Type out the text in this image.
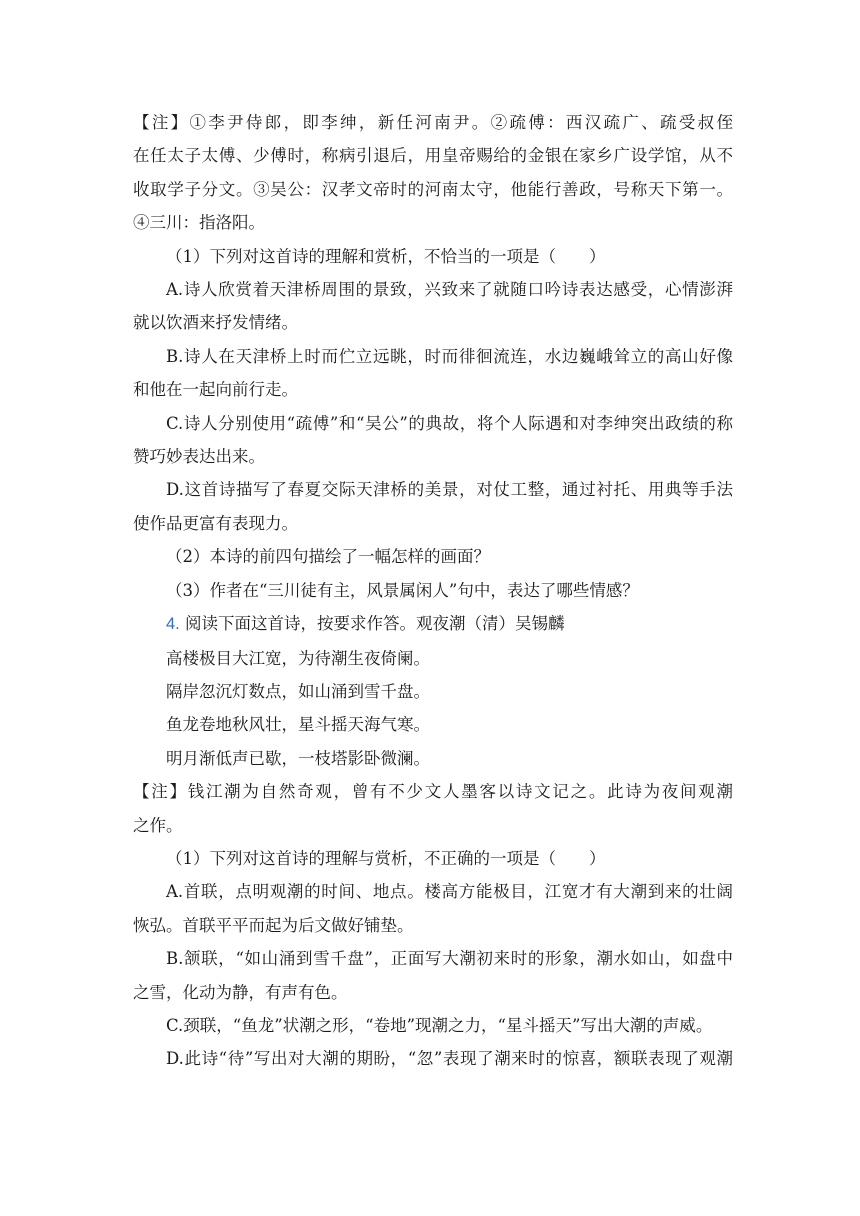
【注】①李尹侍郎，即李绅，新任河南尹。②疏傅：西汉疏广、疏受叔侄

在任太子太傅、少傅时，称病引退后，用皇帝赐给的金银在家乡广设学馆，从不

收取学子分文。③吴公：汉孝文帝时的河南太守，他能行善政，号称天下第一。

④三川：指洛阳。

（1）下列对这首诗的理解和赏析，不恰当的一项是（　　）

A.诗人欣赏着天津桥周围的景致，兴致来了就随口吟诗表达感受，心情澎湃

就以饮酒来抒发情绪。

B.诗人在天津桥上时而伫立远眺，时而徘徊流连，水边巍峨耸立的高山好像

和他在一起向前行走。

C.诗人分别使用“疏傅”和“吴公”的典故，将个人际遇和对李绅突出政绩的称

赞巧妙表达出来。

D.这首诗描写了春夏交际天津桥的美景，对仗工整，通过衬托、用典等手法

使作品更富有表现力。

（2）本诗的前四句描绘了一幅怎样的画面？

（3）作者在“三川徒有主，风景属闲人”句中，表达了哪些情感？

4. 阅读下面这首诗，按要求作答。观夜潮（清）吴锡麟

高楼极目大江宽，为待潮生夜倚阑。

隔岸忽沉灯数点，如山涌到雪千盘。

鱼龙卷地秋风壮，星斗摇天海气寒。

明月渐低声已歇，一枝塔影卧微澜。

【注】钱江潮为自然奇观，曾有不少文人墨客以诗文记之。此诗为夜间观潮

之作。

（1）下列对这首诗的理解与赏析，不正确的一项是（　　）

A.首联，点明观潮的时间、地点。楼高方能极目，江宽才有大潮到来的壮阔

恢弘。首联平平而起为后文做好铺垫。

B.颔联，“如山涌到雪千盘”，正面写大潮初来时的形象，潮水如山，如盘中

之雪，化动为静，有声有色。

C.颈联，“鱼龙”状潮之形，“卷地”现潮之力，“星斗摇天”写出大潮的声威。

D.此诗“待”写出对大潮的期盼，“忽”表现了潮来时的惊喜，额联表现了观潮
